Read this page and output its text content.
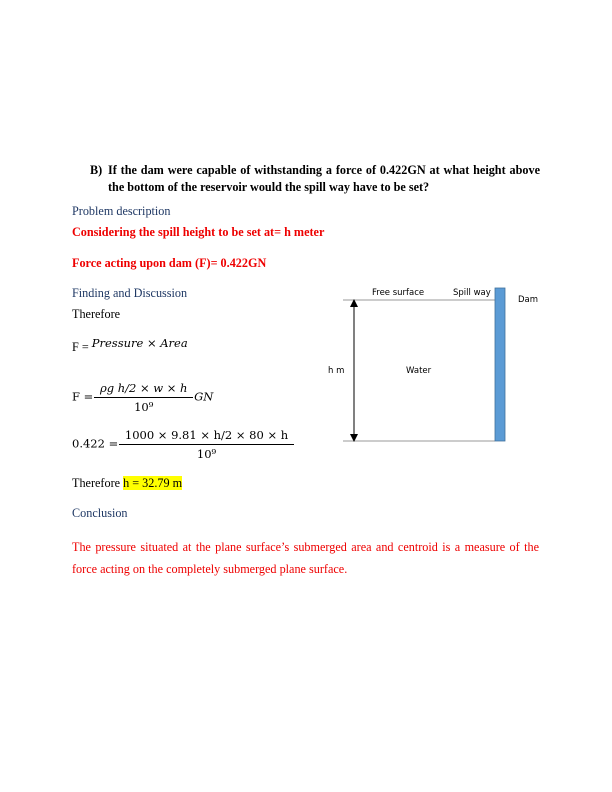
B) If the dam were capable of withstanding a force of 0.422GN at what height above the bottom of the reservoir would the spill way have to be set?
Problem description
Considering the spill height to be set at= h meter
Force acting upon dam (F)= 0.422GN
Finding and Discussion
Therefore
F = $^{Pressure \times Area}$
$F = \frac{\text{ρg h/2 × w × h}}{\text{10⁹}}$ GN
$0.422 = \frac{1000 \times 9.81 \times h/2 \times 80 \times h}{\text{10⁹}}$
Therefore h = 32.79 m
Conclusion
The pressure situated at the plane surface’s submerged area and centroid is a measure of the force acting on the completely submerged plane surface.
Free surface	Spill way
Dam
h m	Water
